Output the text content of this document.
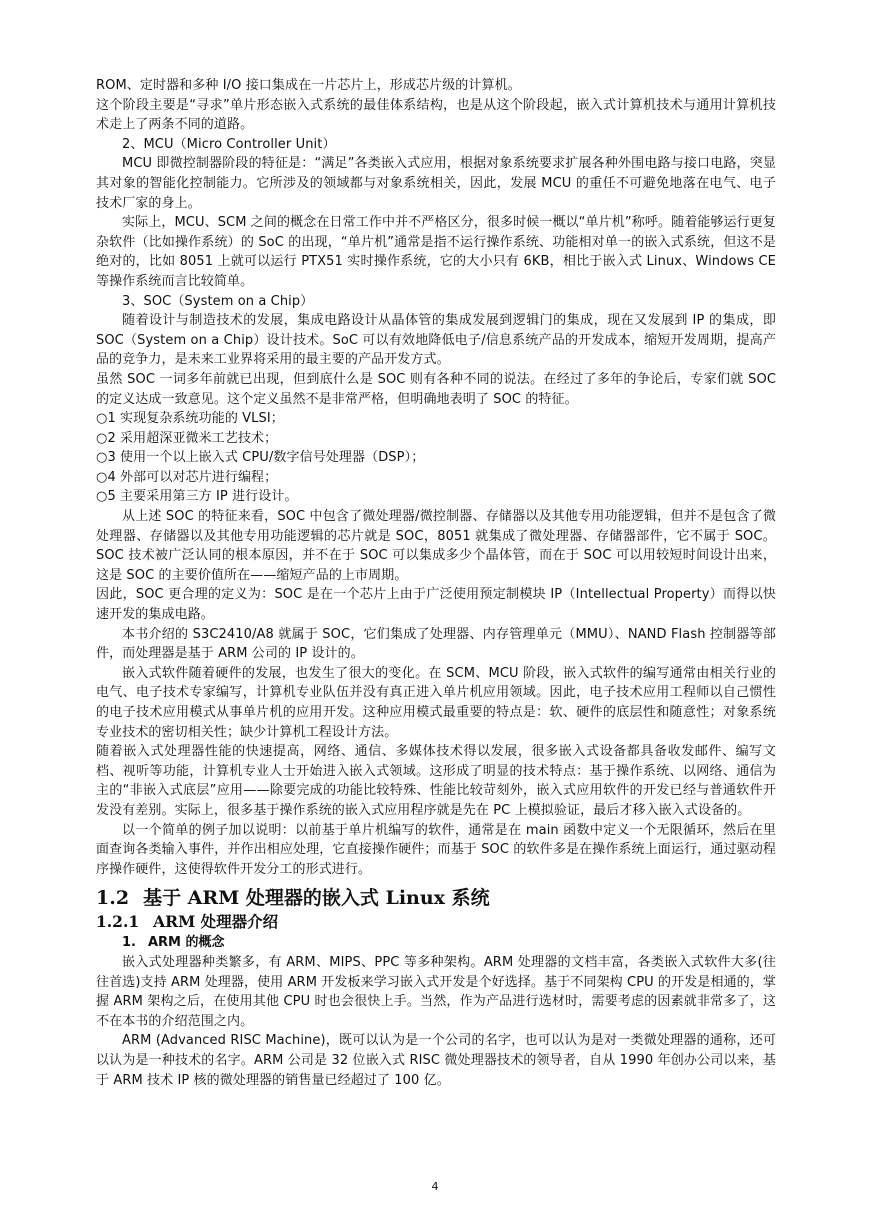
ROM、定时器和多种 I/O 接口集成在一片芯片上，形成芯片级的计算机。

这个阶段主要是“寻求”单片形态嵌入式系统的最佳体系结构，也是从这个阶段起，嵌入式计算机技术与通用计算机技术走上了两条不同的道路。

2、MCU（Micro Controller Unit）

MCU 即微控制器阶段的特征是：“满足”各类嵌入式应用，根据对象系统要求扩展各种外围电路与接口电路，突显其对象的智能化控制能力。它所涉及的领域都与对象系统相关，因此，发展 MCU 的重任不可避免地落在电气、电子技术厂家的身上。

实际上，MCU、SCM 之间的概念在日常工作中并不严格区分，很多时候一概以“单片机”称呼。随着能够运行更复杂软件（比如操作系统）的 SoC 的出现，“单片机”通常是指不运行操作系统、功能相对单一的嵌入式系统，但这不是绝对的，比如 8051 上就可以运行 PTX51 实时操作系统，它的大小只有 6KB，相比于嵌入式 Linux、Windows CE 等操作系统而言比较简单。

3、SOC（System on a Chip）

随着设计与制造技术的发展，集成电路设计从晶体管的集成发展到逻辑门的集成，现在又发展到 IP 的集成，即 SOC（System on a Chip）设计技术。SoC 可以有效地降低电子/信息系统产品的开发成本，缩短开发周期，提高产品的竞争力，是未来工业界将采用的最主要的产品开发方式。

虽然 SOC 一词多年前就已出现，但到底什么是 SOC 则有各种不同的说法。在经过了多年的争论后，专家们就 SOC 的定义达成一致意见。这个定义虽然不是非常严格，但明确地表明了 SOC 的特征。

○1 实现复杂系统功能的 VLSI；

○2 采用超深亚微米工艺技术；

○3 使用一个以上嵌入式 CPU/数字信号处理器（DSP）；

○4 外部可以对芯片进行编程；

○5 主要采用第三方 IP 进行设计。

从上述 SOC 的特征来看，SOC 中包含了微处理器/微控制器、存储器以及其他专用功能逻辑，但并不是包含了微处理器、存储器以及其他专用功能逻辑的芯片就是 SOC，8051 就集成了微处理器、存储器部件，它不属于 SOC。SOC 技术被广泛认同的根本原因，并不在于 SOC 可以集成多少个晶体管，而在于 SOC 可以用较短时间设计出来，这是 SOC 的主要价值所在——缩短产品的上市周期。

因此，SOC 更合理的定义为：SOC 是在一个芯片上由于广泛使用预定制模块 IP（Intellectual Property）而得以快速开发的集成电路。

本书介绍的 S3C2410/A8 就属于 SOC，它们集成了处理器、内存管理单元（MMU）、NAND Flash 控制器等部件，而处理器是基于 ARM 公司的 IP 设计的。

嵌入式软件随着硬件的发展，也发生了很大的变化。在 SCM、MCU 阶段，嵌入式软件的编写通常由相关行业的电气、电子技术专家编写，计算机专业队伍并没有真正进入单片机应用领域。因此，电子技术应用工程师以自己惯性的电子技术应用模式从事单片机的应用开发。这种应用模式最重要的特点是：软、硬件的底层性和随意性；对象系统专业技术的密切相关性；缺少计算机工程设计方法。

随着嵌入式处理器性能的快速提高，网络、通信、多媒体技术得以发展，很多嵌入式设备都具备收发邮件、编写文档、视听等功能，计算机专业人士开始进入嵌入式领域。这形成了明显的技术特点：基于操作系统、以网络、通信为主的“非嵌入式底层”应用——除要完成的功能比较特殊、性能比较苛刻外，嵌入式应用软件的开发已经与普通软件开发没有差别。实际上，很多基于操作系统的嵌入式应用程序就是先在 PC 上模拟验证，最后才移入嵌入式设备的。

以一个简单的例子加以说明：以前基于单片机编写的软件，通常是在 main 函数中定义一个无限循环，然后在里面查询各类输入事件，并作出相应处理，它直接操作硬件；而基于 SOC 的软件多是在操作系统上面运行，通过驱动程序操作硬件，这使得软件开发分工的形式进行。

1.2 基于 ARM 处理器的嵌入式 Linux 系统
1.2.1 ARM 处理器介绍
1. ARM 的概念

嵌入式处理器种类繁多，有 ARM、MIPS、PPC 等多种架构。ARM 处理器的文档丰富，各类嵌入式软件大多(往往首选)支持 ARM 处理器，使用 ARM 开发板来学习嵌入式开发是个好选择。基于不同架构 CPU 的开发是相通的，掌握 ARM 架构之后，在使用其他 CPU 时也会很快上手。当然，作为产品进行选材时，需要考虑的因素就非常多了，这不在本书的介绍范围之内。

ARM (Advanced RISC Machine)，既可以认为是一个公司的名字，也可以认为是对一类微处理器的通称，还可以认为是一种技术的名字。ARM 公司是 32 位嵌入式 RISC 微处理器技术的领导者，自从 1990 年创办公司以来，基于 ARM 技术 IP 核的微处理器的销售量已经超过了 100 亿。

4
